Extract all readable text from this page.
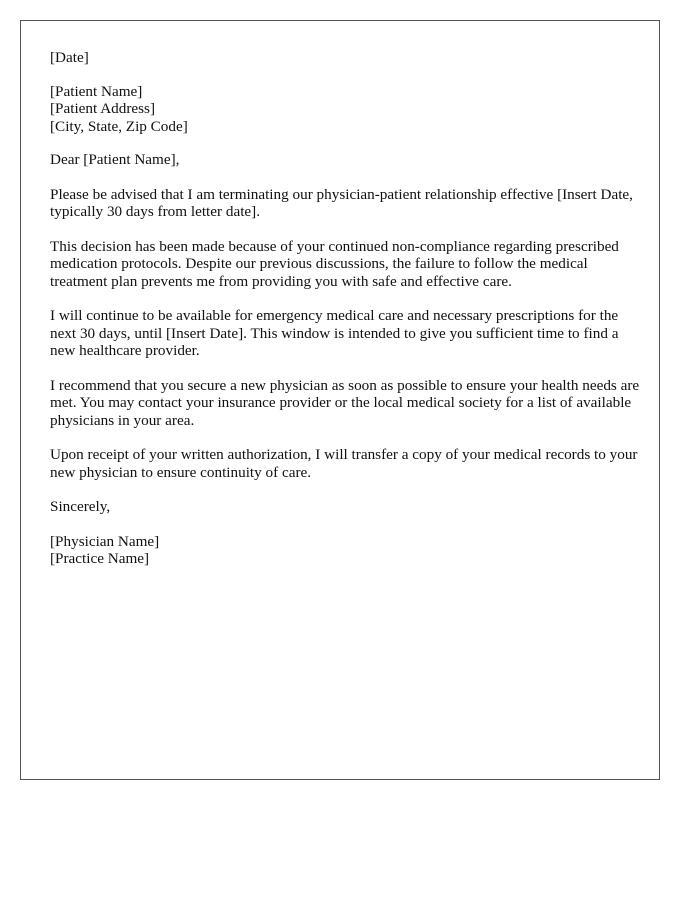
[Date]
[Patient Name]
[Patient Address]
[City, State, Zip Code]

Dear [Patient Name],

Please be advised that I am terminating our physician-patient relationship effective [Insert Date, typically 30 days from letter date].

This decision has been made because of your continued non-compliance regarding prescribed medication protocols. Despite our previous discussions, the failure to follow the medical treatment plan prevents me from providing you with safe and effective care.

I will continue to be available for emergency medical care and necessary prescriptions for the next 30 days, until [Insert Date]. This window is intended to give you sufficient time to find a new healthcare provider.

I recommend that you secure a new physician as soon as possible to ensure your health needs are met. You may contact your insurance provider or the local medical society for a list of available physicians in your area.

Upon receipt of your written authorization, I will transfer a copy of your medical records to your new physician to ensure continuity of care.

Sincerely,

[Physician Name]
[Practice Name]
